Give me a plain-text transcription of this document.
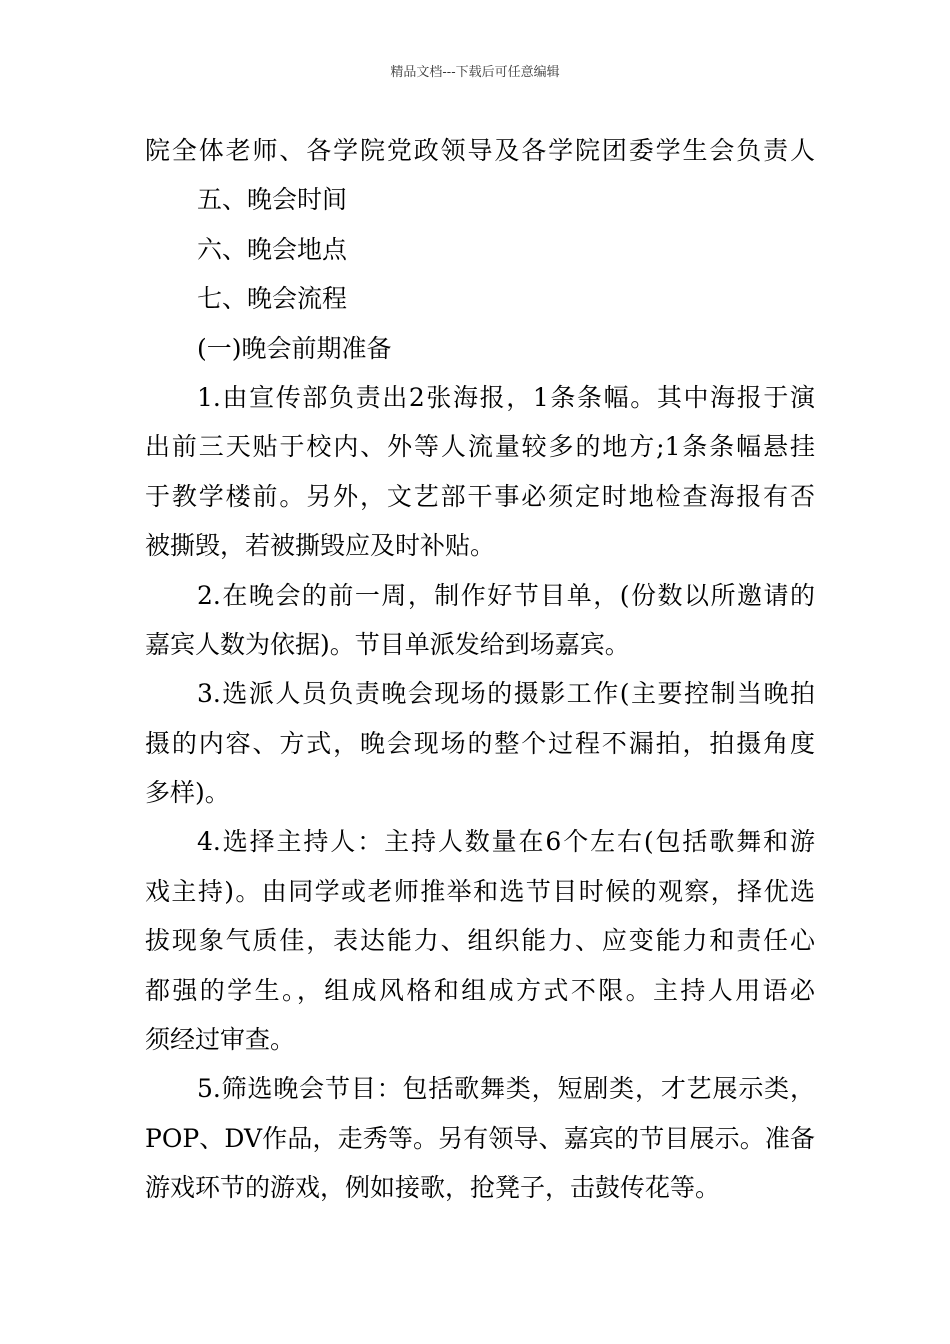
精品文档---下载后可任意编辑
院全体老师、各学院党政领导及各学院团委学生会负责人
五、晚会时间
六、晚会地点
七、晚会流程
(一)晚会前期准备
1.由宣传部负责出2张海报，1条条幅。其中海报于演
出前三天贴于校内、外等人流量较多的地方;1条条幅悬挂
于教学楼前。另外，文艺部干事必须定时地检查海报有否
被撕毁，若被撕毁应及时补贴。
2.在晚会的前一周，制作好节目单，(份数以所邀请的
嘉宾人数为依据)。节目单派发给到场嘉宾。
3.选派人员负责晚会现场的摄影工作(主要控制当晚拍
摄的内容、方式，晚会现场的整个过程不漏拍，拍摄角度
多样)。
4.选择主持人：主持人数量在6个左右(包括歌舞和游
戏主持)。由同学或老师推举和选节目时候的观察，择优选
拔现象气质佳，表达能力、组织能力、应变能力和责任心
都强的学生。，组成风格和组成方式不限。主持人用语必
须经过审查。
5.筛选晚会节目：包括歌舞类，短剧类，才艺展示类，
POP、DV作品，走秀等。另有领导、嘉宾的节目展示。准备
游戏环节的游戏，例如接歌，抢凳子，击鼓传花等。
